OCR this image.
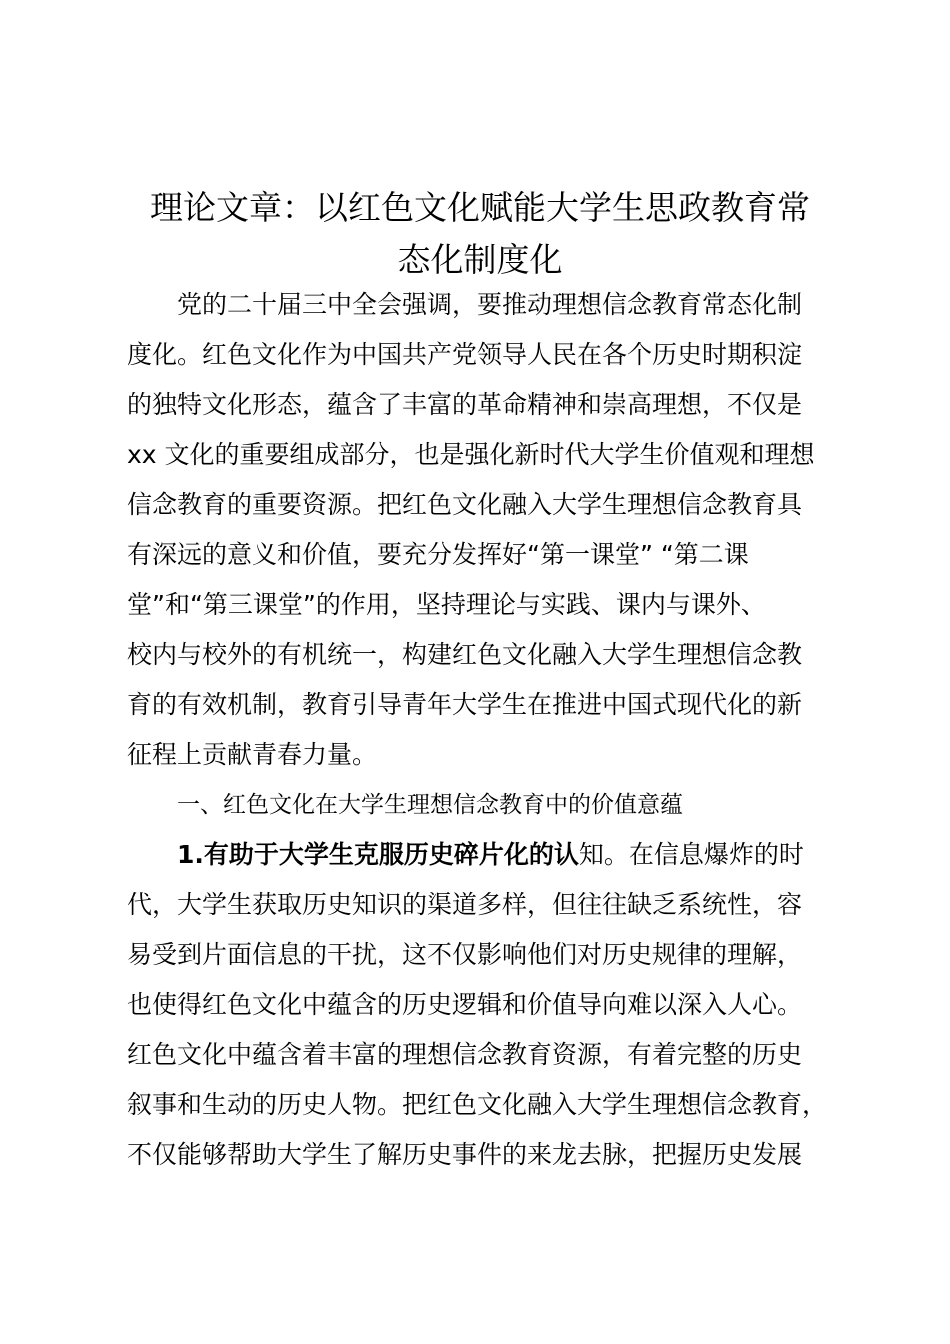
理论文章：以红色文化赋能大学生思政教育常
态化制度化
党的二十届三中全会强调，要推动理想信念教育常态化制
度化。红色文化作为中国共产党领导人民在各个历史时期积淀
的独特文化形态，蕴含了丰富的革命精神和崇高理想，不仅是
xx 文化的重要组成部分，也是强化新时代大学生价值观和理想
信念教育的重要资源。把红色文化融入大学生理想信念教育具
有深远的意义和价值，要充分发挥好“第一课堂” “第二课
堂”和“第三课堂”的作用，坚持理论与实践、课内与课外、
校内与校外的有机统一，构建红色文化融入大学生理想信念教
育的有效机制，教育引导青年大学生在推进中国式现代化的新
征程上贡献青春力量。
一、红色文化在大学生理想信念教育中的价值意蕴
1.有助于大学生克服历史碎片化的认知。在信息爆炸的时
代，大学生获取历史知识的渠道多样，但往往缺乏系统性，容
易受到片面信息的干扰，这不仅影响他们对历史规律的理解，
也使得红色文化中蕴含的历史逻辑和价值导向难以深入人心。
红色文化中蕴含着丰富的理想信念教育资源，有着完整的历史
叙事和生动的历史人物。把红色文化融入大学生理想信念教育，
不仅能够帮助大学生了解历史事件的来龙去脉，把握历史发展
